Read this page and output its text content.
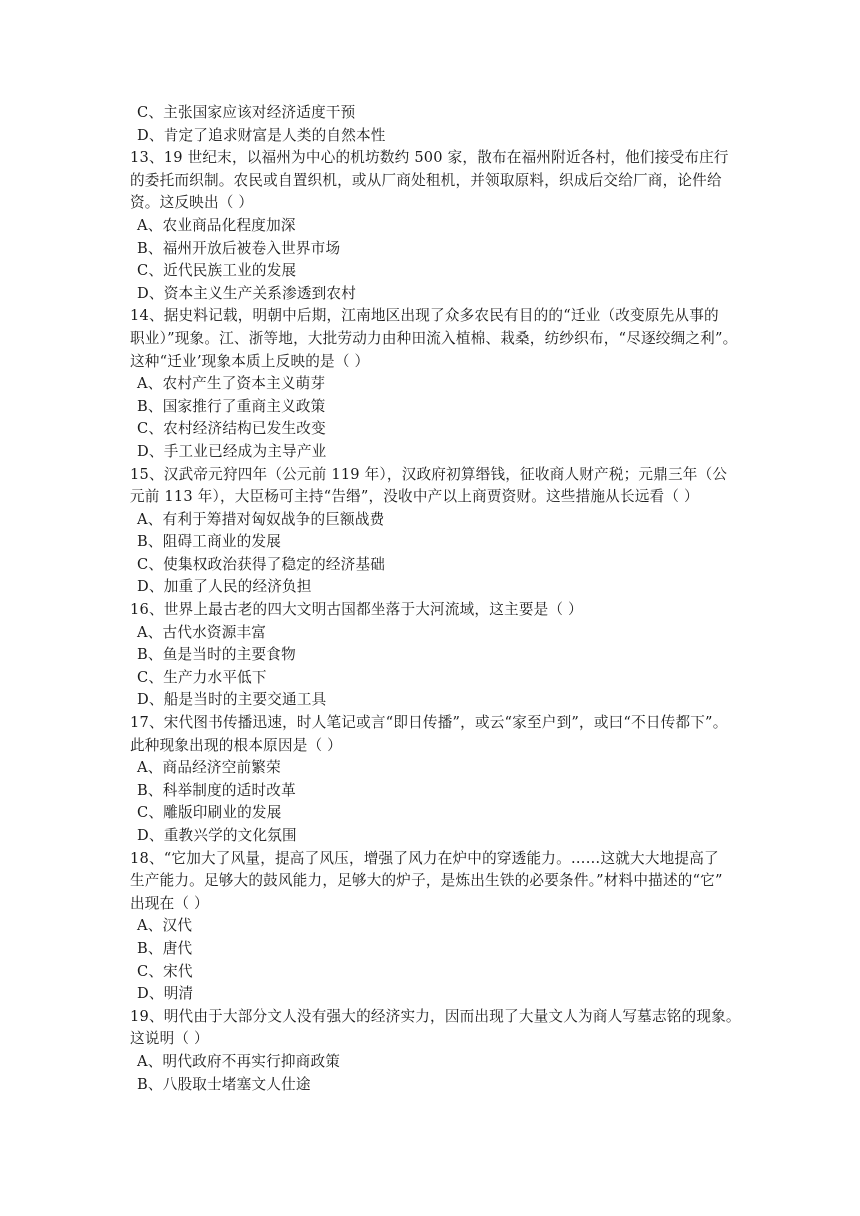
C、主张国家应该对经济适度干预
D、肯定了追求财富是人类的自然本性
13、19 世纪末，以福州为中心的机坊数约 500 家，散布在福州附近各村，他们接受布庄行
的委托而织制。农民或自置织机，或从厂商处租机，并领取原料，织成后交给厂商，论件给
资。这反映出（ ）
A、农业商品化程度加深
B、福州开放后被卷入世界市场
C、近代民族工业的发展
D、资本主义生产关系渗透到农村
14、据史料记载，明朝中后期，江南地区出现了众多农民有目的的“迁业（改变原先从事的
职业）”现象。江、浙等地，大批劳动力由种田流入植棉、栽桑，纺纱织布，“尽逐绞绸之利”。
这种“迁业’现象本质上反映的是（ ）
A、农村产生了资本主义萌芽
B、国家推行了重商主义政策
C、农村经济结构已发生改变
D、手工业已经成为主导产业
15、汉武帝元狩四年（公元前 119 年），汉政府初算缗钱，征收商人财产税；元鼎三年（公
元前 113 年），大臣杨可主持“告缗”，没收中产以上商贾资财。这些措施从长远看（ ）
A、有利于筹措对匈奴战争的巨额战费
B、阻碍工商业的发展
C、使集权政治获得了稳定的经济基础
D、加重了人民的经济负担
16、世界上最古老的四大文明古国都坐落于大河流域，这主要是（ ）
A、古代水资源丰富
B、鱼是当时的主要食物
C、生产力水平低下
D、船是当时的主要交通工具
17、宋代图书传播迅速，时人笔记或言“即日传播”，或云“家至户到”，或曰“不日传都下”。
此种现象出现的根本原因是（ ）
A、商品经济空前繁荣
B、科举制度的适时改革
C、雕版印刷业的发展
D、重教兴学的文化氛围
18、“它加大了风量，提高了风压，增强了风力在炉中的穿透能力。……这就大大地提高了
生产能力。足够大的鼓风能力，足够大的炉子，是炼出生铁的必要条件。”材料中描述的“它”
出现在（ ）
A、汉代
B、唐代
C、宋代
D、明清
19、明代由于大部分文人没有强大的经济实力，因而出现了大量文人为商人写墓志铭的现象。
这说明（ ）
A、明代政府不再实行抑商政策
B、八股取士堵塞文人仕途
